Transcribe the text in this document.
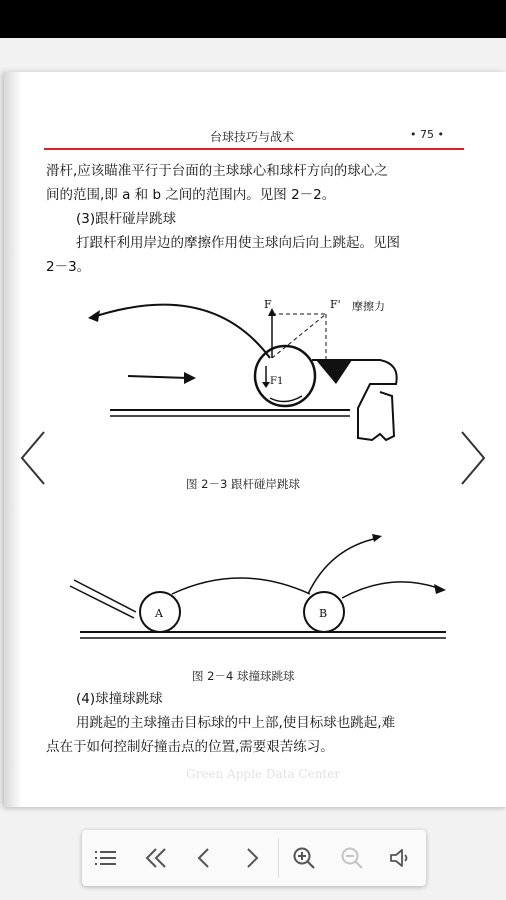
台球技巧与战术	• 75 •
滑杆,应该瞄准平行于台面的主球球心和球杆方向的球心之
间的范围,即 a 和 b 之间的范围内。见图 2－2。
(3)跟杆碰岸跳球
打跟杆利用岸边的摩擦作用使主球向后向上跳起。见图
2－3。
F	F' 摩擦力
F1
图 2－3 跟杆碰岸跳球
A	B
图 2－4 球撞球跳球
(4)球撞球跳球
用跳起的主球撞击目标球的中上部,使目标球也跳起,难
点在于如何控制好撞击点的位置,需要艰苦练习。
Green Apple Data Center
